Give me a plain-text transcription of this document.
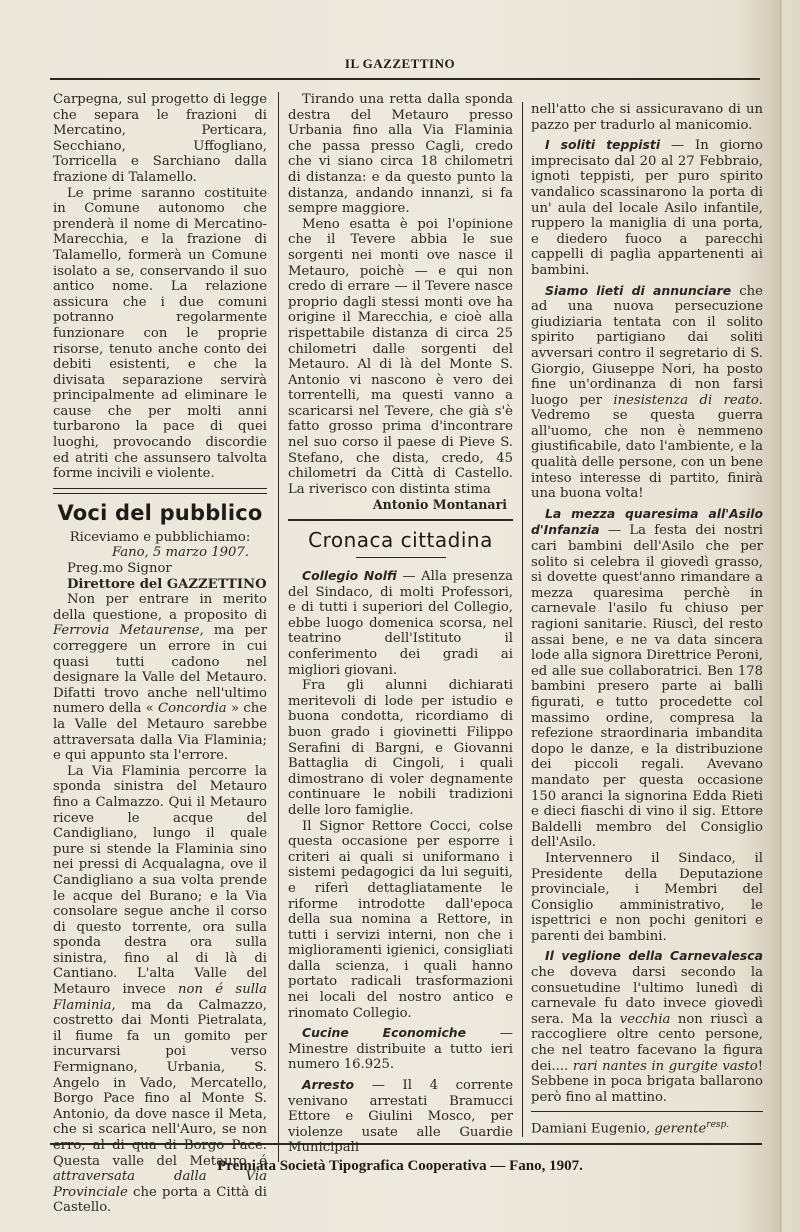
IL GAZZETTINO

Carpegna, sul progetto di legge che separa le frazioni di Mercatino, Perticara, Secchiano, Uffogliano, Torricella e Sarchiano dalla frazione di Talamello.

Le prime saranno costituite in Comune autonomo che prenderà il nome di Mercatino-Marecchia, e la frazione di Talamello, formerà un Comune isolato a se, conservando il suo antico nome. La relazione assicura che i due comuni potranno regolarmente funzionare con le proprie risorse, tenuto anche conto dei debiti esistenti, e che la divisata separazione servirà principalmente ad eliminare le cause che per molti anni turbarono la pace di quei luoghi, provocando discordie ed atriti che assunsero talvolta forme incivili e violente.

Voci del pubblico

Riceviamo e pubblichiamo:

Fano, 5 marzo 1907.

Preg.mo Signor

Direttore del GAZZETTINO

Non per entrare in merito della questione, a proposito di Ferrovia Metaurense, ma per correggere un errore in cui quasi tutti cadono nel designare la Valle del Metauro. Difatti trovo anche nell'ultimo numero della « Concordia » che la Valle del Metauro sarebbe attraversata dalla Via Flaminia; e qui appunto sta l'errore.

La Via Flaminia percorre la sponda sinistra del Metauro fino a Calmazzo. Qui il Metauro riceve le acque del Candigliano, lungo il quale pure si stende la Flaminia sino nei pressi di Acqualagna, ove il Candigliano a sua volta prende le acque del Burano; e la Via consolare segue anche il corso di questo torrente, ora sulla sponda destra ora sulla sinistra, fino al di là di Cantiano. L'alta Valle del Metauro invece non é sulla Flaminia, ma da Calmazzo, costretto dai Monti Pietralata, il fiume fa un gomito per incurvarsi poi verso Fermignano, Urbania, S. Angelo in Vado, Mercatello, Borgo Pace fino al Monte S. Antonio, da dove nasce il Meta, che si scarica nell'Auro, se non erro, al di qua di Borgo Pace. Questa valle del Metauro é attraversata dalla Via Provinciale che porta a Città di Castello.

Tirando una retta dalla sponda destra del Metauro presso Urbania fino alla Via Flaminia che passa presso Cagli, credo che vi siano circa 18 chilometri di distanza: e da questo punto la distanza, andando innanzi, si fa sempre maggiore.

Meno esatta è poi l'opinione che il Tevere abbia le sue sorgenti nei monti ove nasce il Metauro, poichè — e qui non credo di errare — il Tevere nasce proprio dagli stessi monti ove ha origine il Marecchia, e cioè alla rispettabile distanza di circa 25 chilometri dalle sorgenti del Metauro. Al di là del Monte S. Antonio vi nascono è vero dei torrentelli, ma questi vanno a scaricarsi nel Tevere, che già s'è fatto grosso prima d'incontrare nel suo corso il paese di Pieve S. Stefano, che dista, credo, 45 chilometri da Città di Castello. La riverisco con distinta stima

Antonio Montanari

Cronaca cittadina

Collegio Nolfi — Alla presenza del Sindaco, di molti Professori, e di tutti i superiori del Collegio, ebbe luogo domenica scorsa, nel teatrino dell'Istituto il conferimento dei gradi ai migliori giovani.

Fra gli alunni dichiarati meritevoli di lode per istudio e buona condotta, ricordiamo di buon grado i giovinetti Filippo Serafini di Bargni, e Giovanni Battaglia di Cingoli, i quali dimostrano di voler degnamente continuare le nobili tradizioni delle loro famiglie.

Il Signor Rettore Cocci, colse questa occasione per esporre i criteri ai quali si uniformano i sistemi pedagogici da lui seguiti, e riferì dettagliatamente le riforme introdotte dall'epoca della sua nomina a Rettore, in tutti i servizi interni, non che i miglioramenti igienici, consigliati dalla scienza, i quali hanno portato radicali trasformazioni nei locali del nostro antico e rinomato Collegio.

Cucine Economiche — Minestre distribuite a tutto ieri numero 16.925.

Arresto — Il 4 corrente venivano arrestati Bramucci Ettore e Giulini Mosco, per violenze usate alle Guardie Municipali

nell'atto che si assicuravano di un pazzo per tradurlo al manicomio.

I soliti teppisti — In giorno imprecisato dal 20 al 27 Febbraio, ignoti teppisti, per puro spirito vandalico scassinarono la porta di un' aula del locale Asilo infantile, ruppero la maniglia di una porta, e diedero fuoco a parecchi cappelli di paglia appartenenti ai bambini.

Siamo lieti di annunciare che ad una nuova persecuzione giudiziaria tentata con il solito spirito partigiano dai soliti avversari contro il segretario di S. Giorgio, Giuseppe Nori, ha posto fine un'ordinanza di non farsi luogo per inesistenza di reato. Vedremo se questa guerra all'uomo, che non è nemmeno giustificabile, dato l'ambiente, e la qualità delle persone, con un bene inteso interesse di partito, finirà una buona volta!

La mezza quaresima all'Asilo d'Infanzia — La festa dei nostri cari bambini dell'Asilo che per solito si celebra il giovedì grasso, si dovette quest'anno rimandare a mezza quaresima perchè in carnevale l'asilo fu chiuso per ragioni sanitarie. Riuscì, del resto assai bene, e ne va data sincera lode alla signora Direttrice Peroni, ed alle sue collaboratrici. Ben 178 bambini presero parte ai balli figurati, e tutto procedette col massimo ordine, compresa la refezione straordinaria imbandita dopo le danze, e la distribuzione dei piccoli regali. Avevano mandato per questa occasione 150 aranci la signorina Edda Rieti e dieci fiaschi di vino il sig. Ettore Baldelli membro del Consiglio dell'Asilo.

Intervennero il Sindaco, il Presidente della Deputazione provinciale, i Membri del Consiglio amministrativo, le ispettrici e non pochi genitori e parenti dei bambini.

Il veglione della Carnevalesca che doveva darsi secondo la consuetudine l'ultimo lunedì di carnevale fu dato invece giovedì sera. Ma la vecchia non riuscì a raccogliere oltre cento persone, che nel teatro facevano la figura dei.... rari nantes in gurgite vasto! Sebbene in poca brigata ballarono però fino al mattino.

Damiani Eugenio, gerente$^{resp.}$

Premiata Società Tipografica Cooperativa — Fano, 1907.
